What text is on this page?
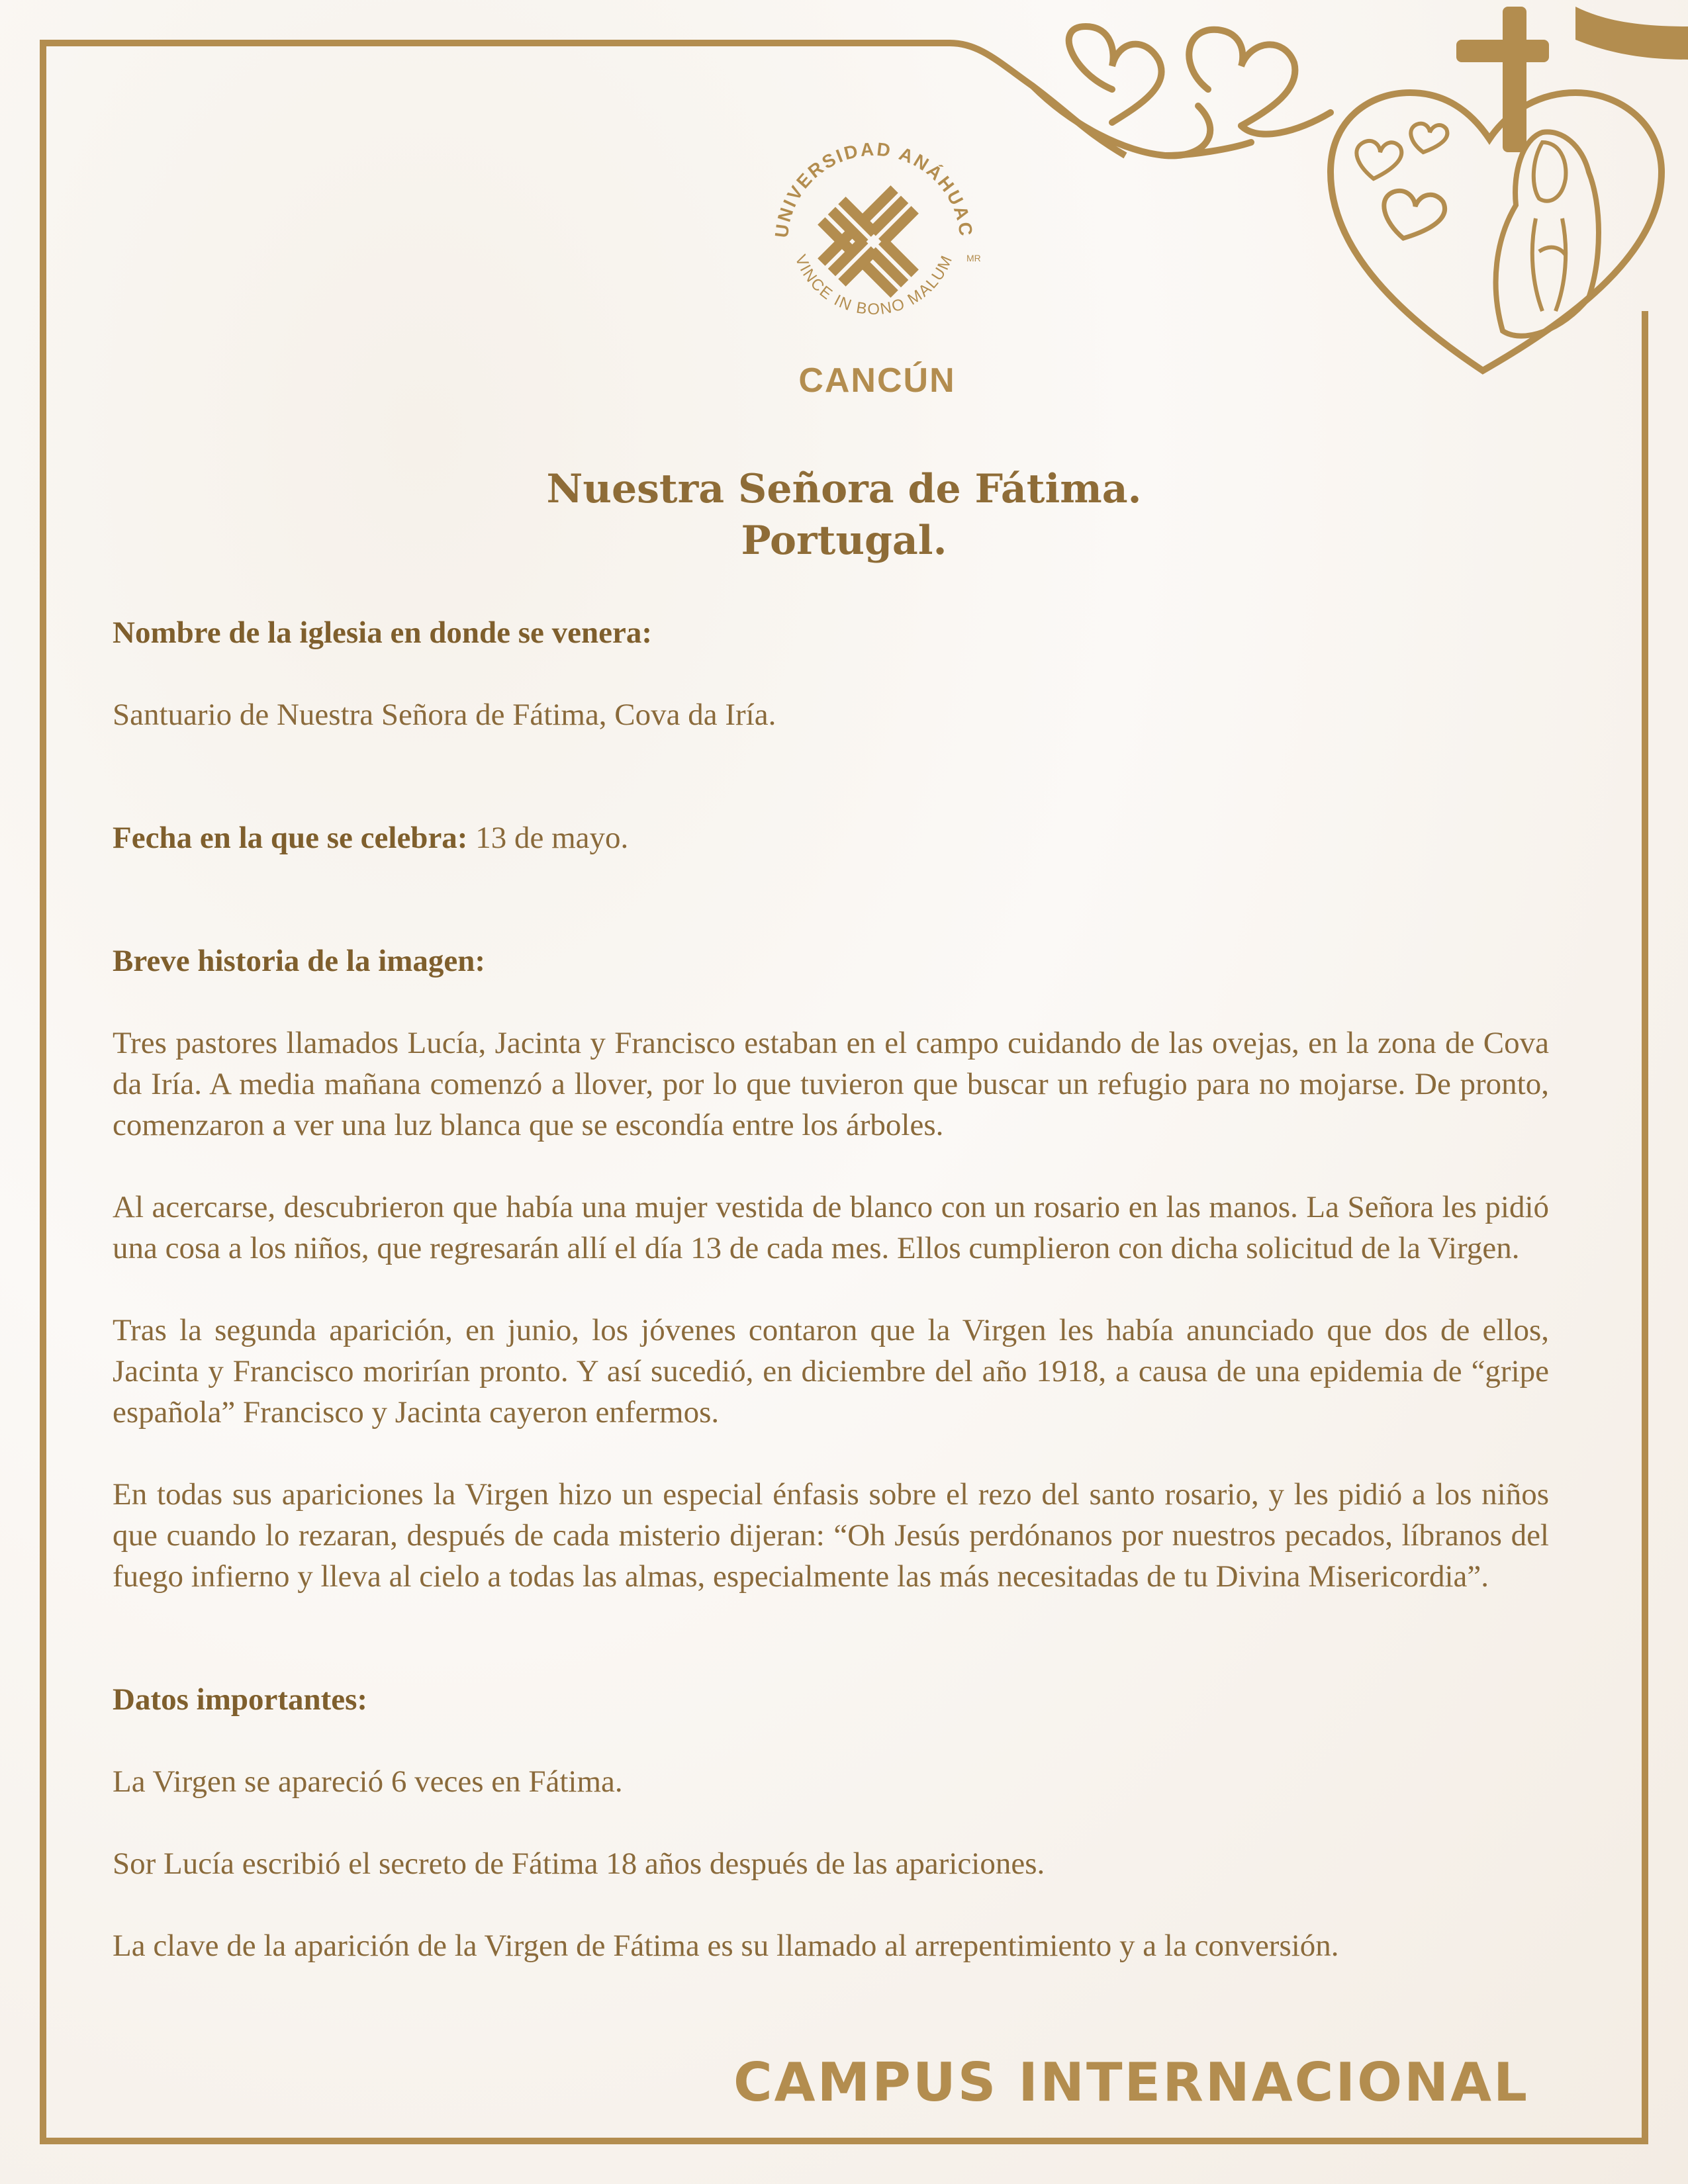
UNIVERSIDAD ANÁHUAC
VINCE IN BONO MALUM MR
CANCÚN
Nuestra Señora de Fátima.
Portugal.

Nombre de la iglesia en donde se venera:

Santuario de Nuestra Señora de Fátima, Cova da Iría.

Fecha en la que se celebra: 13 de mayo.

Breve historia de la imagen:

Tres pastores llamados Lucía, Jacinta y Francisco estaban en el campo cuidando de las ovejas, en la zona de Cova da Iría. A media mañana comenzó a llover, por lo que tuvieron que buscar un refugio para no mojarse. De pronto, comenzaron a ver una luz blanca que se escondía entre los árboles.

Al acercarse, descubrieron que había una mujer vestida de blanco con un rosario en las manos. La Señora les pidió una cosa a los niños, que regresarán allí el día 13 de cada mes. Ellos cumplieron con dicha solicitud de la Virgen.

Tras la segunda aparición, en junio, los jóvenes contaron que la Virgen les había anunciado que dos de ellos, Jacinta y Francisco morirían pronto. Y así sucedió, en diciembre del año 1918, a causa de una epidemia de “gripe española” Francisco y Jacinta cayeron enfermos.

En todas sus apariciones la Virgen hizo un especial énfasis sobre el rezo del santo rosario, y les pidió a los niños que cuando lo rezaran, después de cada misterio dijeran: “Oh Jesús perdónanos por nuestros pecados, líbranos del fuego infierno y lleva al cielo a todas las almas, especialmente las más necesitadas de tu Divina Misericordia”.

Datos importantes:

La Virgen se apareció 6 veces en Fátima.

Sor Lucía escribió el secreto de Fátima 18 años después de las apariciones.

La clave de la aparición de la Virgen de Fátima es su llamado al arrepentimiento y a la conversión.

CAMPUS INTERNACIONAL
